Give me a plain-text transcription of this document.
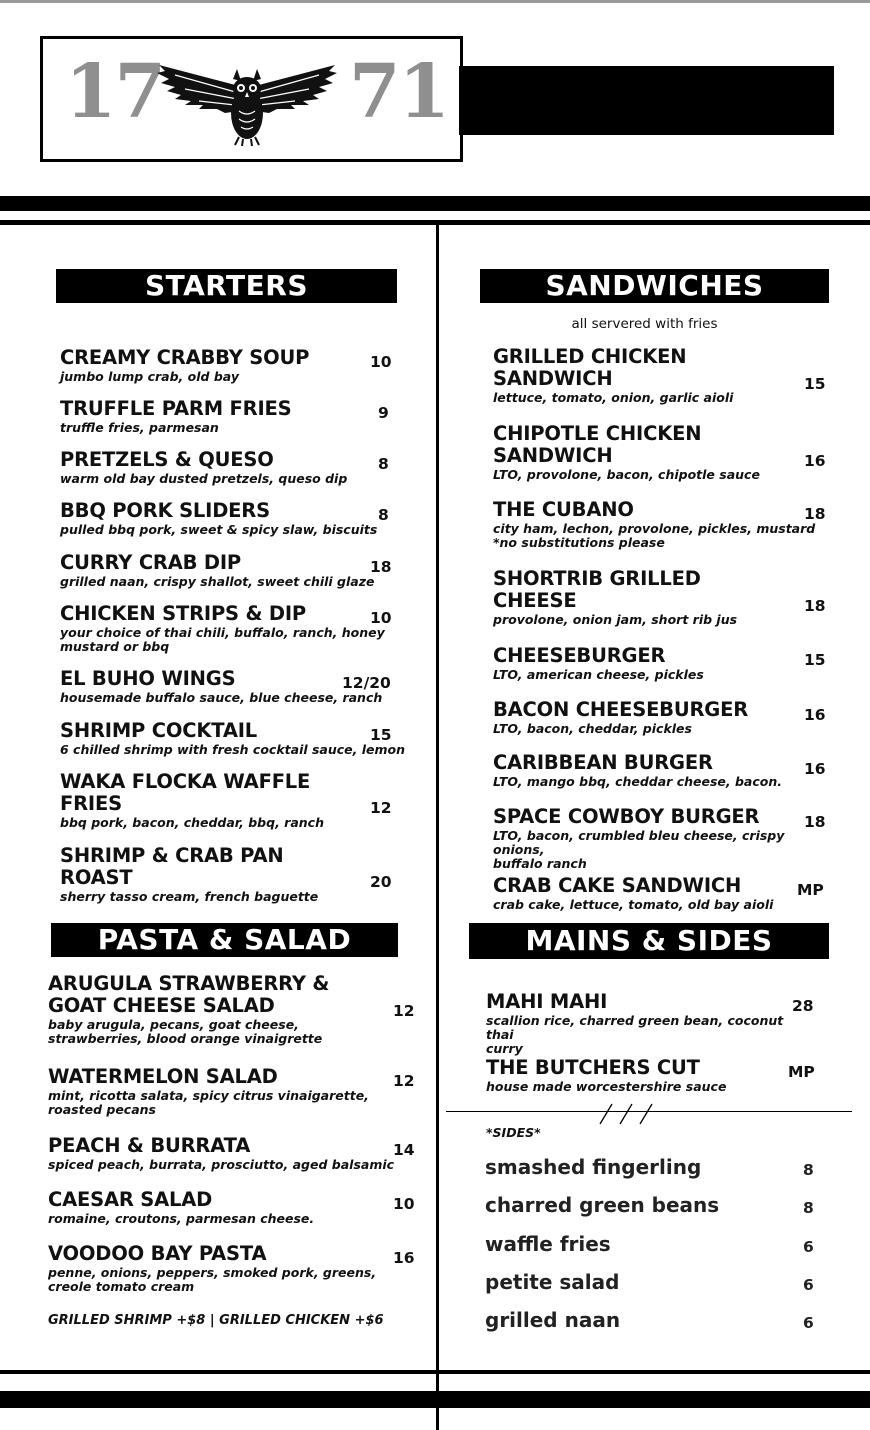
17	71
STARTERS
CREAMY CRABBY SOUP
jumbo lump crab, old bay
10
TRUFFLE PARM FRIES
truffle fries, parmesan
9
PRETZELS & QUESO
warm old bay dusted pretzels, queso dip
8
BBQ PORK SLIDERS
pulled bbq pork, sweet & spicy slaw, biscuits
8
CURRY CRAB DIP
grilled naan, crispy shallot, sweet chili glaze
18
CHICKEN STRIPS & DIP
your choice of thai chili, buffalo, ranch, honey
mustard or bbq
10
EL BUHO WINGS
housemade buffalo sauce, blue cheese, ranch
12/20
SHRIMP COCKTAIL
6 chilled shrimp with fresh cocktail sauce, lemon
15
WAKA FLOCKA WAFFLE
FRIES
bbq pork, bacon, cheddar, bbq, ranch
12
SHRIMP & CRAB PAN
ROAST
sherry tasso cream, french baguette
20
SANDWICHES
all servered with fries
GRILLED CHICKEN
SANDWICH
lettuce, tomato, onion, garlic aioli
15
CHIPOTLE CHICKEN
SANDWICH
LTO, provolone, bacon, chipotle sauce
16
THE CUBANO
city ham, lechon, provolone, pickles, mustard
*no substitutions please
18
SHORTRIB GRILLED
CHEESE
provolone, onion jam, short rib jus
18
CHEESEBURGER
LTO, american cheese, pickles
15
BACON CHEESEBURGER
LTO, bacon, cheddar, pickles
16
CARIBBEAN BURGER
LTO, mango bbq, cheddar cheese, bacon.
16
SPACE COWBOY BURGER
LTO, bacon, crumbled bleu cheese, crispy onions,
buffalo ranch
18
CRAB CAKE SANDWICH
crab cake, lettuce, tomato, old bay aioli
MP
PASTA & SALAD
ARUGULA STRAWBERRY &
GOAT CHEESE SALAD
baby arugula, pecans, goat cheese,
strawberries, blood orange vinaigrette
12
WATERMELON SALAD
mint, ricotta salata, spicy citrus vinaigarette,
roasted pecans
12
PEACH & BURRATA
spiced peach, burrata, prosciutto, aged balsamic
14
CAESAR SALAD
romaine, croutons, parmesan cheese.
10
VOODOO BAY PASTA
penne, onions, peppers, smoked pork, greens,
creole tomato cream
16
GRILLED SHRIMP +$8 | GRILLED CHICKEN +$6
MAINS & SIDES
MAHI MAHI
scallion rice, charred green bean, coconut thai
curry
28
THE BUTCHERS CUT
house made worcestershire sauce
MP
*SIDES*
smashed fingerling	8
charred green beans	8
waffle fries	6
petite salad	6
grilled naan	6
